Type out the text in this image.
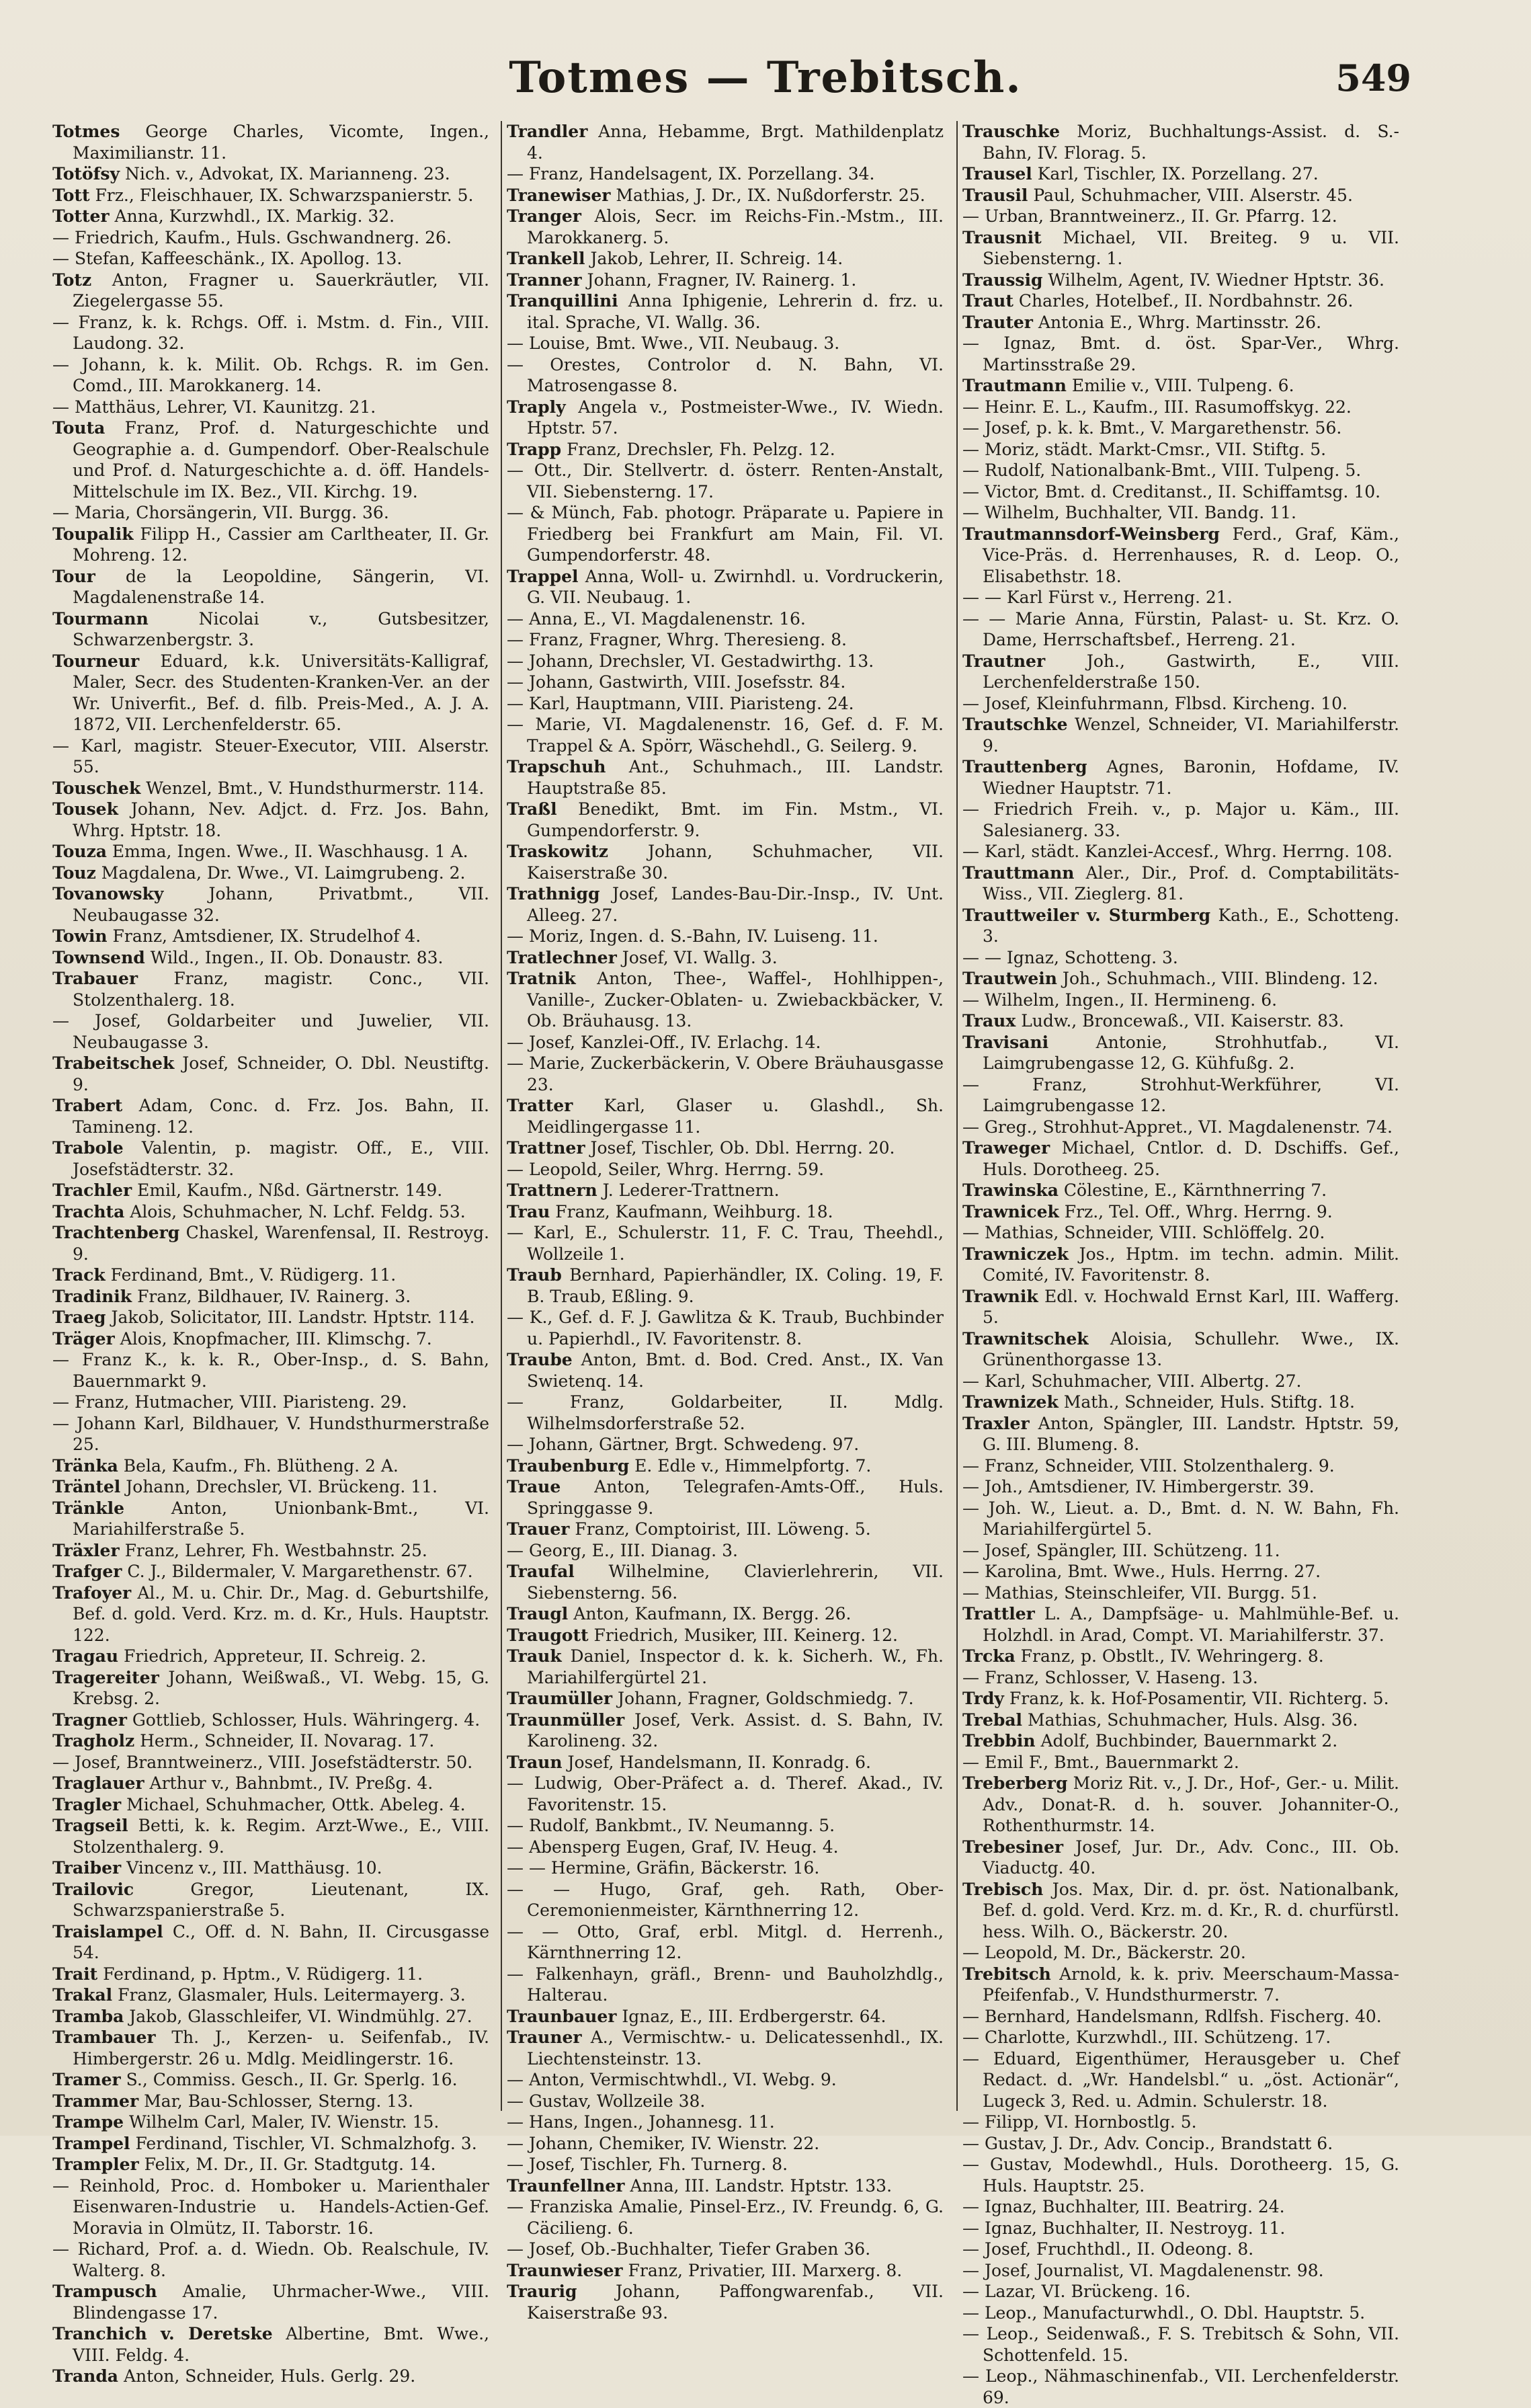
Totmes — Trebitsch.	549
Totmes George Charles, Vicomte, Ingen., Maximilianstr. 11.
Totöfsy Nich. v., Advokat, IX. Marianneng. 23.
Tott Frz., Fleischhauer, IX. Schwarzspanierstr. 5.
Totter Anna, Kurzwhdl., IX. Markig. 32.
— Friedrich, Kaufm., Huls. Gschwandnerg. 26.
— Stefan, Kaffeeschänk., IX. Apollog. 13.
Totz Anton, Fragner u. Sauerkräutler, VII. Ziegelergasse 55.
— Franz, k. k. Rchgs. Off. i. Mstm. d. Fin., VIII. Laudong. 32.
— Johann, k. k. Milit. Ob. Rchgs. R. im Gen. Comd., III. Marokkanerg. 14.
— Matthäus, Lehrer, VI. Kaunitzg. 21.
Touta Franz, Prof. d. Naturgeschichte und Geographie a. d. Gumpendorf. Ober-Realschule und Prof. d. Naturgeschichte a. d. öff. Handels-Mittelschule im IX. Bez., VII. Kirchg. 19.
— Maria, Chorsängerin, VII. Burgg. 36.
Toupalik Filipp H., Cassier am Carltheater, II. Gr. Mohreng. 12.
Tour de la Leopoldine, Sängerin, VI. Magdalenenstraße 14.
Tourmann Nicolai v., Gutsbesitzer, Schwarzenbergstr. 3.
Tourneur Eduard, k.k. Universitäts-Kalligraf, Maler, Secr. des Studenten-Kranken-Ver. an der Wr. Univerfit., Bef. d. filb. Preis-Med., A. J. A. 1872, VII. Lerchenfelderstr. 65.
— Karl, magistr. Steuer-Executor, VIII. Alserstr. 55.
Touschek Wenzel, Bmt., V. Hundsthurmerstr. 114.
Tousek Johann, Nev. Adjct. d. Frz. Jos. Bahn, Whrg. Hptstr. 18.
Touza Emma, Ingen. Wwe., II. Waschhausg. 1 A.
Touz Magdalena, Dr. Wwe., VI. Laimgrubeng. 2.
Tovanowsky Johann, Privatbmt., VII. Neubaugasse 32.
Towin Franz, Amtsdiener, IX. Strudelhof 4.
Townsend Wild., Ingen., II. Ob. Donaustr. 83.
Trabauer Franz, magistr. Conc., VII. Stolzenthalerg. 18.
— Josef, Goldarbeiter und Juwelier, VII. Neubaugasse 3.
Trabeitschek Josef, Schneider, O. Dbl. Neustiftg. 9.
Trabert Adam, Conc. d. Frz. Jos. Bahn, II. Tamineng. 12.
Trabole Valentin, p. magistr. Off., E., VIII. Josefstädterstr. 32.
Trachler Emil, Kaufm., Nßd. Gärtnerstr. 149.
Trachta Alois, Schuhmacher, N. Lchf. Feldg. 53.
Trachtenberg Chaskel, Warenfensal, II. Restroyg. 9.
Track Ferdinand, Bmt., V. Rüdigerg. 11.
Tradinik Franz, Bildhauer, IV. Rainerg. 3.
Traeg Jakob, Solicitator, III. Landstr. Hptstr. 114.
Träger Alois, Knopfmacher, III. Klimschg. 7.
— Franz K., k. k. R., Ober-Insp., d. S. Bahn, Bauernmarkt 9.
— Franz, Hutmacher, VIII. Piaristeng. 29.
— Johann Karl, Bildhauer, V. Hundsthurmerstraße 25.
Tränka Bela, Kaufm., Fh. Blütheng. 2 A.
Träntel Johann, Drechsler, VI. Brückeng. 11.
Tränkle Anton, Unionbank-Bmt., VI. Mariahilferstraße 5.
Träxler Franz, Lehrer, Fh. Westbahnstr. 25.
Trafger C. J., Bildermaler, V. Margarethenstr. 67.
Trafoyer Al., M. u. Chir. Dr., Mag. d. Geburtshilfe, Bef. d. gold. Verd. Krz. m. d. Kr., Huls. Hauptstr. 122.
Tragau Friedrich, Appreteur, II. Schreig. 2.
Tragereiter Johann, Weißwaß., VI. Webg. 15, G. Krebsg. 2.
Tragner Gottlieb, Schlosser, Huls. Währingerg. 4.
Tragholz Herm., Schneider, II. Novarag. 17.
— Josef, Branntweinerz., VIII. Josefstädterstr. 50.
Traglauer Arthur v., Bahnbmt., IV. Preßg. 4.
Tragler Michael, Schuhmacher, Ottk. Abeleg. 4.
Tragseil Betti, k. k. Regim. Arzt-Wwe., E., VIII. Stolzenthalerg. 9.
Traiber Vincenz v., III. Matthäusg. 10.
Trailovic Gregor, Lieutenant, IX. Schwarzspanierstraße 5.
Traislampel C., Off. d. N. Bahn, II. Circusgasse 54.
Trait Ferdinand, p. Hptm., V. Rüdigerg. 11.
Trakal Franz, Glasmaler, Huls. Leitermayerg. 3.
Tramba Jakob, Glasschleifer, VI. Windmühlg. 27.
Trambauer Th. J., Kerzen- u. Seifenfab., IV. Himbergerstr. 26 u. Mdlg. Meidlingerstr. 16.
Tramer S., Commiss. Gesch., II. Gr. Sperlg. 16.
Trammer Mar, Bau-Schlosser, Sterng. 13.
Trampe Wilhelm Carl, Maler, IV. Wienstr. 15.
Trampel Ferdinand, Tischler, VI. Schmalzhofg. 3.
Trampler Felix, M. Dr., II. Gr. Stadtgutg. 14.
— Reinhold, Proc. d. Homboker u. Marienthaler Eisenwaren-Industrie u. Handels-Actien-Gef. Moravia in Olmütz, II. Taborstr. 16.
— Richard, Prof. a. d. Wiedn. Ob. Realschule, IV. Walterg. 8.
Trampusch Amalie, Uhrmacher-Wwe., VIII. Blindengasse 17.
Tranchich v. Deretske Albertine, Bmt. Wwe., VIII. Feldg. 4.
Tranda Anton, Schneider, Huls. Gerlg. 29.
Trandler Anna, Hebamme, Brgt. Mathildenplatz 4.
— Franz, Handelsagent, IX. Porzellang. 34.
Tranewiser Mathias, J. Dr., IX. Nußdorferstr. 25.
Tranger Alois, Secr. im Reichs-Fin.-Mstm., III. Marokkanerg. 5.
Trankell Jakob, Lehrer, II. Schreig. 14.
Tranner Johann, Fragner, IV. Rainerg. 1.
Tranquillini Anna Iphigenie, Lehrerin d. frz. u. ital. Sprache, VI. Wallg. 36.
— Louise, Bmt. Wwe., VII. Neubaug. 3.
— Orestes, Controlor d. N. Bahn, VI. Matrosengasse 8.
Traply Angela v., Postmeister-Wwe., IV. Wiedn. Hptstr. 57.
Trapp Franz, Drechsler, Fh. Pelzg. 12.
— Ott., Dir. Stellvertr. d. österr. Renten-Anstalt, VII. Siebensterng. 17.
— & Münch, Fab. photogr. Präparate u. Papiere in Friedberg bei Frankfurt am Main, Fil. VI. Gumpendorferstr. 48.
Trappel Anna, Woll- u. Zwirnhdl. u. Vordruckerin, G. VII. Neubaug. 1.
— Anna, E., VI. Magdalenenstr. 16.
— Franz, Fragner, Whrg. Theresieng. 8.
— Johann, Drechsler, VI. Gestadwirthg. 13.
— Johann, Gastwirth, VIII. Josefsstr. 84.
— Karl, Hauptmann, VIII. Piaristeng. 24.
— Marie, VI. Magdalenenstr. 16, Gef. d. F. M. Trappel & A. Spörr, Wäschehdl., G. Seilerg. 9.
Trapschuh Ant., Schuhmach., III. Landstr. Hauptstraße 85.
Traßl Benedikt, Bmt. im Fin. Mstm., VI. Gumpendorferstr. 9.
Traskowitz Johann, Schuhmacher, VII. Kaiserstraße 30.
Trathnigg Josef, Landes-Bau-Dir.-Insp., IV. Unt. Alleeg. 27.
— Moriz, Ingen. d. S.-Bahn, IV. Luiseng. 11.
Tratlechner Josef, VI. Wallg. 3.
Tratnik Anton, Thee-, Waffel-, Hohlhippen-, Vanille-, Zucker-Oblaten- u. Zwiebackbäcker, V. Ob. Bräuhausg. 13.
— Josef, Kanzlei-Off., IV. Erlachg. 14.
— Marie, Zuckerbäckerin, V. Obere Bräuhausgasse 23.
Tratter Karl, Glaser u. Glashdl., Sh. Meidlingergasse 11.
Trattner Josef, Tischler, Ob. Dbl. Herrng. 20.
— Leopold, Seiler, Whrg. Herrng. 59.
Trattnern J. Lederer-Trattnern.
Trau Franz, Kaufmann, Weihburg. 18.
— Karl, E., Schulerstr. 11, F. C. Trau, Theehdl., Wollzeile 1.
Traub Bernhard, Papierhändler, IX. Coling. 19, F. B. Traub, Eßling. 9.
— K., Gef. d. F. J. Gawlitza & K. Traub, Buchbinder u. Papierhdl., IV. Favoritenstr. 8.
Traube Anton, Bmt. d. Bod. Cred. Anst., IX. Van Swietenq. 14.
— Franz, Goldarbeiter, II. Mdlg. Wilhelmsdorferstraße 52.
— Johann, Gärtner, Brgt. Schwedeng. 97.
Traubenburg E. Edle v., Himmelpfortg. 7.
Traue Anton, Telegrafen-Amts-Off., Huls. Springgasse 9.
Trauer Franz, Comptoirist, III. Löweng. 5.
— Georg, E., III. Dianag. 3.
Traufal Wilhelmine, Clavierlehrerin, VII. Siebensterng. 56.
Traugl Anton, Kaufmann, IX. Bergg. 26.
Traugott Friedrich, Musiker, III. Keinerg. 12.
Trauk Daniel, Inspector d. k. k. Sicherh. W., Fh. Mariahilfergürtel 21.
Traumüller Johann, Fragner, Goldschmiedg. 7.
Traunmüller Josef, Verk. Assist. d. S. Bahn, IV. Karolineng. 32.
Traun Josef, Handelsmann, II. Konradg. 6.
— Ludwig, Ober-Präfect a. d. Theref. Akad., IV. Favoritenstr. 15.
— Rudolf, Bankbmt., IV. Neumanng. 5.
— Abensperg Eugen, Graf, IV. Heug. 4.
— — Hermine, Gräfin, Bäckerstr. 16.
— — Hugo, Graf, geh. Rath, Ober-Ceremonienmeister, Kärnthnerring 12.
— — Otto, Graf, erbl. Mitgl. d. Herrenh., Kärnthnerring 12.
— Falkenhayn, gräfl., Brenn- und Bauholzhdlg., Halterau.
Traunbauer Ignaz, E., III. Erdbergerstr. 64.
Trauner A., Vermischtw.- u. Delicatessenhdl., IX. Liechtensteinstr. 13.
— Anton, Vermischtwhdl., VI. Webg. 9.
— Gustav, Wollzeile 38.
— Hans, Ingen., Johannesg. 11.
— Johann, Chemiker, IV. Wienstr. 22.
— Josef, Tischler, Fh. Turnerg. 8.
Traunfellner Anna, III. Landstr. Hptstr. 133.
— Franziska Amalie, Pinsel-Erz., IV. Freundg. 6, G. Cäcilieng. 6.
— Josef, Ob.-Buchhalter, Tiefer Graben 36.
Traunwieser Franz, Privatier, III. Marxerg. 8.
Traurig Johann, Paffongwarenfab., VII. Kaiserstraße 93.
Trauschke Moriz, Buchhaltungs-Assist. d. S.-Bahn, IV. Florag. 5.
Trausel Karl, Tischler, IX. Porzellang. 27.
Trausil Paul, Schuhmacher, VIII. Alserstr. 45.
— Urban, Branntweinerz., II. Gr. Pfarrg. 12.
Trausnit Michael, VII. Breiteg. 9 u. VII. Siebensterng. 1.
Traussig Wilhelm, Agent, IV. Wiedner Hptstr. 36.
Traut Charles, Hotelbef., II. Nordbahnstr. 26.
Trauter Antonia E., Whrg. Martinsstr. 26.
— Ignaz, Bmt. d. öst. Spar-Ver., Whrg. Martinsstraße 29.
Trautmann Emilie v., VIII. Tulpeng. 6.
— Heinr. E. L., Kaufm., III. Rasumoffskyg. 22.
— Josef, p. k. k. Bmt., V. Margarethenstr. 56.
— Moriz, städt. Markt-Cmsr., VII. Stiftg. 5.
— Rudolf, Nationalbank-Bmt., VIII. Tulpeng. 5.
— Victor, Bmt. d. Creditanst., II. Schiffamtsg. 10.
— Wilhelm, Buchhalter, VII. Bandg. 11.
Trautmannsdorf-Weinsberg Ferd., Graf, Käm., Vice-Präs. d. Herrenhauses, R. d. Leop. O., Elisabethstr. 18.
— — Karl Fürst v., Herreng. 21.
— — Marie Anna, Fürstin, Palast- u. St. Krz. O. Dame, Herrschaftsbef., Herreng. 21.
Trautner Joh., Gastwirth, E., VIII. Lerchenfelderstraße 150.
— Josef, Kleinfuhrmann, Flbsd. Kircheng. 10.
Trautschke Wenzel, Schneider, VI. Mariahilferstr. 9.
Trauttenberg Agnes, Baronin, Hofdame, IV. Wiedner Hauptstr. 71.
— Friedrich Freih. v., p. Major u. Käm., III. Salesianerg. 33.
— Karl, städt. Kanzlei-Accesf., Whrg. Herrng. 108.
Trauttmann Aler., Dir., Prof. d. Comptabilitäts-Wiss., VII. Zieglerg. 81.
Trauttweiler v. Sturmberg Kath., E., Schotteng. 3.
— — Ignaz, Schotteng. 3.
Trautwein Joh., Schuhmach., VIII. Blindeng. 12.
— Wilhelm, Ingen., II. Hermineng. 6.
Traux Ludw., Broncewaß., VII. Kaiserstr. 83.
Travisani Antonie, Strohhutfab., VI. Laimgrubengasse 12, G. Kühfußg. 2.
— Franz, Strohhut-Werkführer, VI. Laimgrubengasse 12.
— Greg., Strohhut-Appret., VI. Magdalenenstr. 74.
Traweger Michael, Cntlor. d. D. Dschiffs. Gef., Huls. Dorotheeg. 25.
Trawinska Cölestine, E., Kärnthnerring 7.
Trawnicek Frz., Tel. Off., Whrg. Herrng. 9.
— Mathias, Schneider, VIII. Schlöffelg. 20.
Trawniczek Jos., Hptm. im techn. admin. Milit. Comité, IV. Favoritenstr. 8.
Trawnik Edl. v. Hochwald Ernst Karl, III. Wafferg. 5.
Trawnitschek Aloisia, Schullehr. Wwe., IX. Grünenthorgasse 13.
— Karl, Schuhmacher, VIII. Albertg. 27.
Trawnizek Math., Schneider, Huls. Stiftg. 18.
Traxler Anton, Spängler, III. Landstr. Hptstr. 59, G. III. Blumeng. 8.
— Franz, Schneider, VIII. Stolzenthalerg. 9.
— Joh., Amtsdiener, IV. Himbergerstr. 39.
— Joh. W., Lieut. a. D., Bmt. d. N. W. Bahn, Fh. Mariahilfergürtel 5.
— Josef, Spängler, III. Schützeng. 11.
— Karolina, Bmt. Wwe., Huls. Herrng. 27.
— Mathias, Steinschleifer, VII. Burgg. 51.
Trattler L. A., Dampfsäge- u. Mahlmühle-Bef. u. Holzhdl. in Arad, Compt. VI. Mariahilferstr. 37.
Trcka Franz, p. Obstlt., IV. Wehringerg. 8.
— Franz, Schlosser, V. Haseng. 13.
Trdy Franz, k. k. Hof-Posamentir, VII. Richterg. 5.
Trebal Mathias, Schuhmacher, Huls. Alsg. 36.
Trebbin Adolf, Buchbinder, Bauernmarkt 2.
— Emil F., Bmt., Bauernmarkt 2.
Treberberg Moriz Rit. v., J. Dr., Hof-, Ger.- u. Milit. Adv., Donat-R. d. h. souver. Johanniter-O., Rothenthurmstr. 14.
Trebesiner Josef, Jur. Dr., Adv. Conc., III. Ob. Viaductg. 40.
Trebisch Jos. Max, Dir. d. pr. öst. Nationalbank, Bef. d. gold. Verd. Krz. m. d. Kr., R. d. churfürstl. hess. Wilh. O., Bäckerstr. 20.
— Leopold, M. Dr., Bäckerstr. 20.
Trebitsch Arnold, k. k. priv. Meerschaum-Massa-Pfeifenfab., V. Hundsthurmerstr. 7.
— Bernhard, Handelsmann, Rdlfsh. Fischerg. 40.
— Charlotte, Kurzwhdl., III. Schützeng. 17.
— Eduard, Eigenthümer, Herausgeber u. Chef Redact. d. „Wr. Handelsbl.“ u. „öst. Actionär“, Lugeck 3, Red. u. Admin. Schulerstr. 18.
— Filipp, VI. Hornbostlg. 5.
— Gustav, J. Dr., Adv. Concip., Brandstatt 6.
— Gustav, Modewhdl., Huls. Dorotheerg. 15, G. Huls. Hauptstr. 25.
— Ignaz, Buchhalter, III. Beatrirg. 24.
— Ignaz, Buchhalter, II. Nestroyg. 11.
— Josef, Fruchthdl., II. Odeong. 8.
— Josef, Journalist, VI. Magdalenenstr. 98.
— Lazar, VI. Brückeng. 16.
— Leop., Manufacturwhdl., O. Dbl. Hauptstr. 5.
— Leop., Seidenwaß., F. S. Trebitsch & Sohn, VII. Schottenfeld. 15.
— Leop., Nähmaschinenfab., VII. Lerchenfelderstr. 69.
